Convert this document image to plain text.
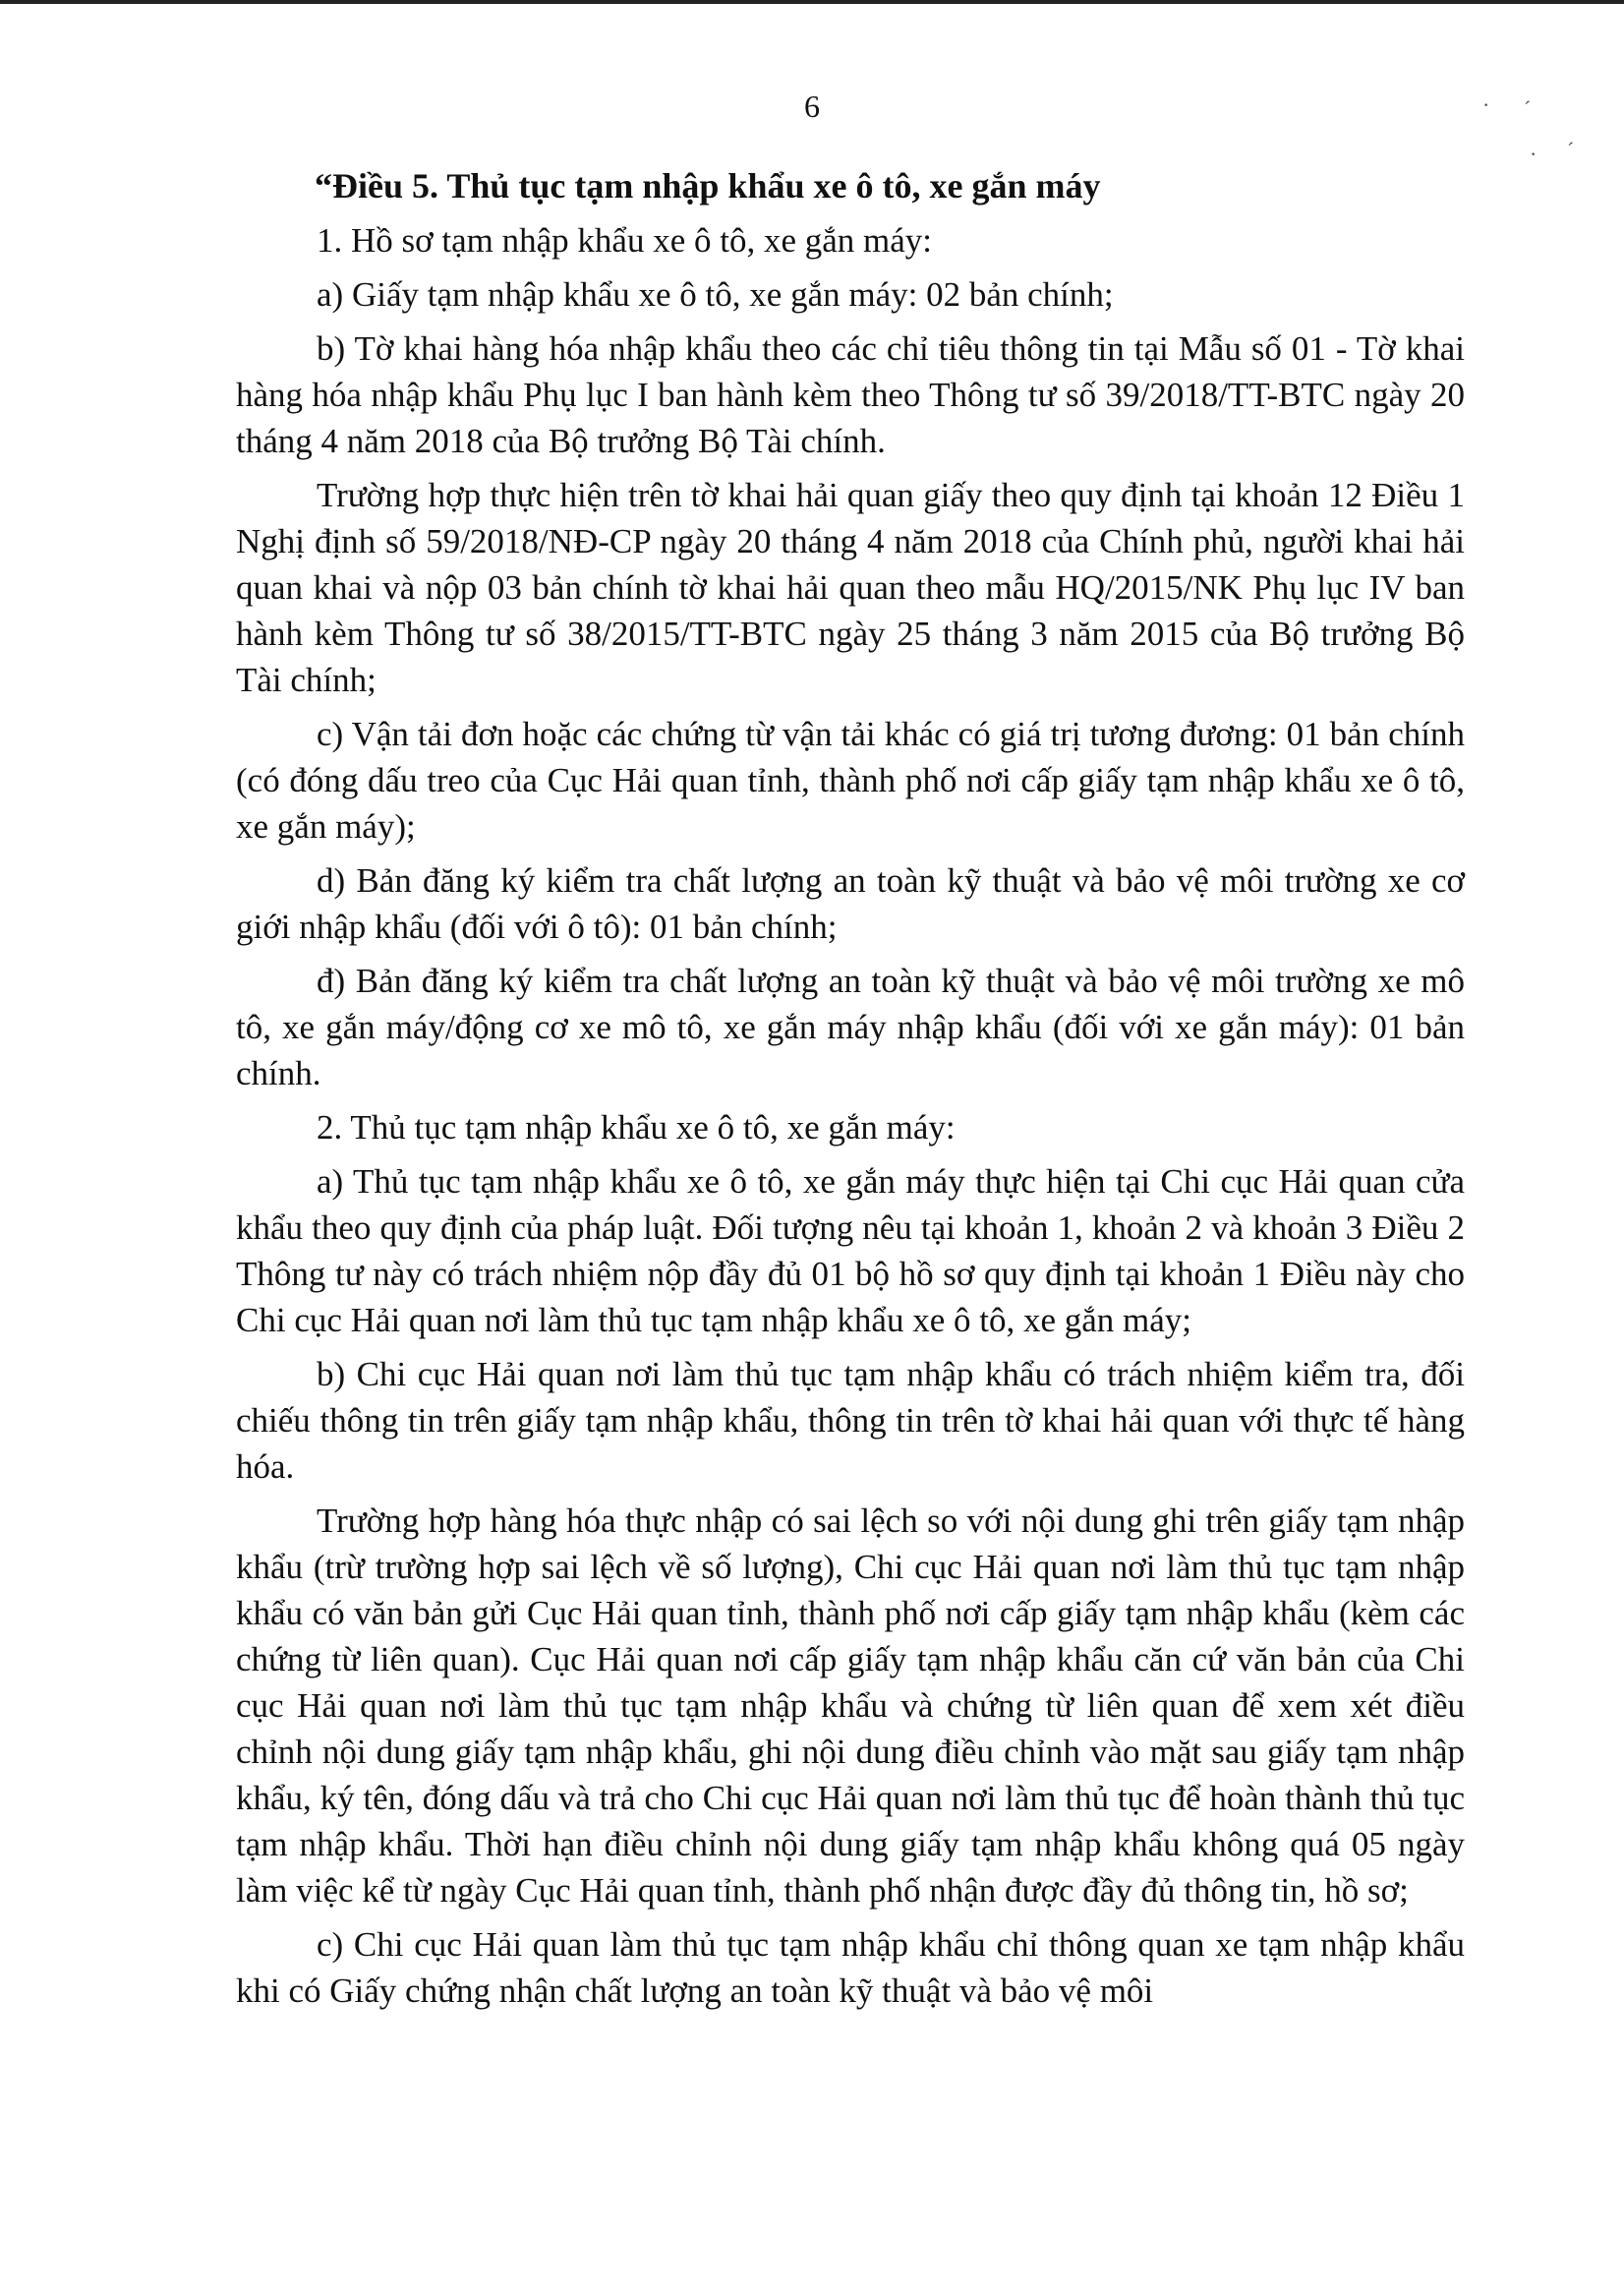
· ´
· ´
6
“Điều 5. Thủ tục tạm nhập khẩu xe ô tô, xe gắn máy

1. Hồ sơ tạm nhập khẩu xe ô tô, xe gắn máy:

a) Giấy tạm nhập khẩu xe ô tô, xe gắn máy: 02 bản chính;

b) Tờ khai hàng hóa nhập khẩu theo các chỉ tiêu thông tin tại Mẫu số 01 - Tờ khai hàng hóa nhập khẩu Phụ lục I ban hành kèm theo Thông tư số 39/2018/TT-BTC ngày 20 tháng 4 năm 2018 của Bộ trưởng Bộ Tài chính.

Trường hợp thực hiện trên tờ khai hải quan giấy theo quy định tại khoản 12 Điều 1 Nghị định số 59/2018/NĐ-CP ngày 20 tháng 4 năm 2018 của Chính phủ, người khai hải quan khai và nộp 03 bản chính tờ khai hải quan theo mẫu HQ/2015/NK Phụ lục IV ban hành kèm Thông tư số 38/2015/TT-BTC ngày 25 tháng 3 năm 2015 của Bộ trưởng Bộ Tài chính;

c) Vận tải đơn hoặc các chứng từ vận tải khác có giá trị tương đương: 01 bản chính (có đóng dấu treo của Cục Hải quan tỉnh, thành phố nơi cấp giấy tạm nhập khẩu xe ô tô, xe gắn máy);

d) Bản đăng ký kiểm tra chất lượng an toàn kỹ thuật và bảo vệ môi trường xe cơ giới nhập khẩu (đối với ô tô): 01 bản chính;

đ) Bản đăng ký kiểm tra chất lượng an toàn kỹ thuật và bảo vệ môi trường xe mô tô, xe gắn máy/động cơ xe mô tô, xe gắn máy nhập khẩu (đối với xe gắn máy): 01 bản chính.

2. Thủ tục tạm nhập khẩu xe ô tô, xe gắn máy:

a) Thủ tục tạm nhập khẩu xe ô tô, xe gắn máy thực hiện tại Chi cục Hải quan cửa khẩu theo quy định của pháp luật. Đối tượng nêu tại khoản 1, khoản 2 và khoản 3 Điều 2 Thông tư này có trách nhiệm nộp đầy đủ 01 bộ hồ sơ quy định tại khoản 1 Điều này cho Chi cục Hải quan nơi làm thủ tục tạm nhập khẩu xe ô tô, xe gắn máy;

b) Chi cục Hải quan nơi làm thủ tục tạm nhập khẩu có trách nhiệm kiểm tra, đối chiếu thông tin trên giấy tạm nhập khẩu, thông tin trên tờ khai hải quan với thực tế hàng hóa.

Trường hợp hàng hóa thực nhập có sai lệch so với nội dung ghi trên giấy tạm nhập khẩu (trừ trường hợp sai lệch về số lượng), Chi cục Hải quan nơi làm thủ tục tạm nhập khẩu có văn bản gửi Cục Hải quan tỉnh, thành phố nơi cấp giấy tạm nhập khẩu (kèm các chứng từ liên quan). Cục Hải quan nơi cấp giấy tạm nhập khẩu căn cứ văn bản của Chi cục Hải quan nơi làm thủ tục tạm nhập khẩu và chứng từ liên quan để xem xét điều chỉnh nội dung giấy tạm nhập khẩu, ghi nội dung điều chỉnh vào mặt sau giấy tạm nhập khẩu, ký tên, đóng dấu và trả cho Chi cục Hải quan nơi làm thủ tục để hoàn thành thủ tục tạm nhập khẩu. Thời hạn điều chỉnh nội dung giấy tạm nhập khẩu không quá 05 ngày làm việc kể từ ngày Cục Hải quan tỉnh, thành phố nhận được đầy đủ thông tin, hồ sơ;

c) Chi cục Hải quan làm thủ tục tạm nhập khẩu chỉ thông quan xe tạm nhập khẩu khi có Giấy chứng nhận chất lượng an toàn kỹ thuật và bảo vệ môi
